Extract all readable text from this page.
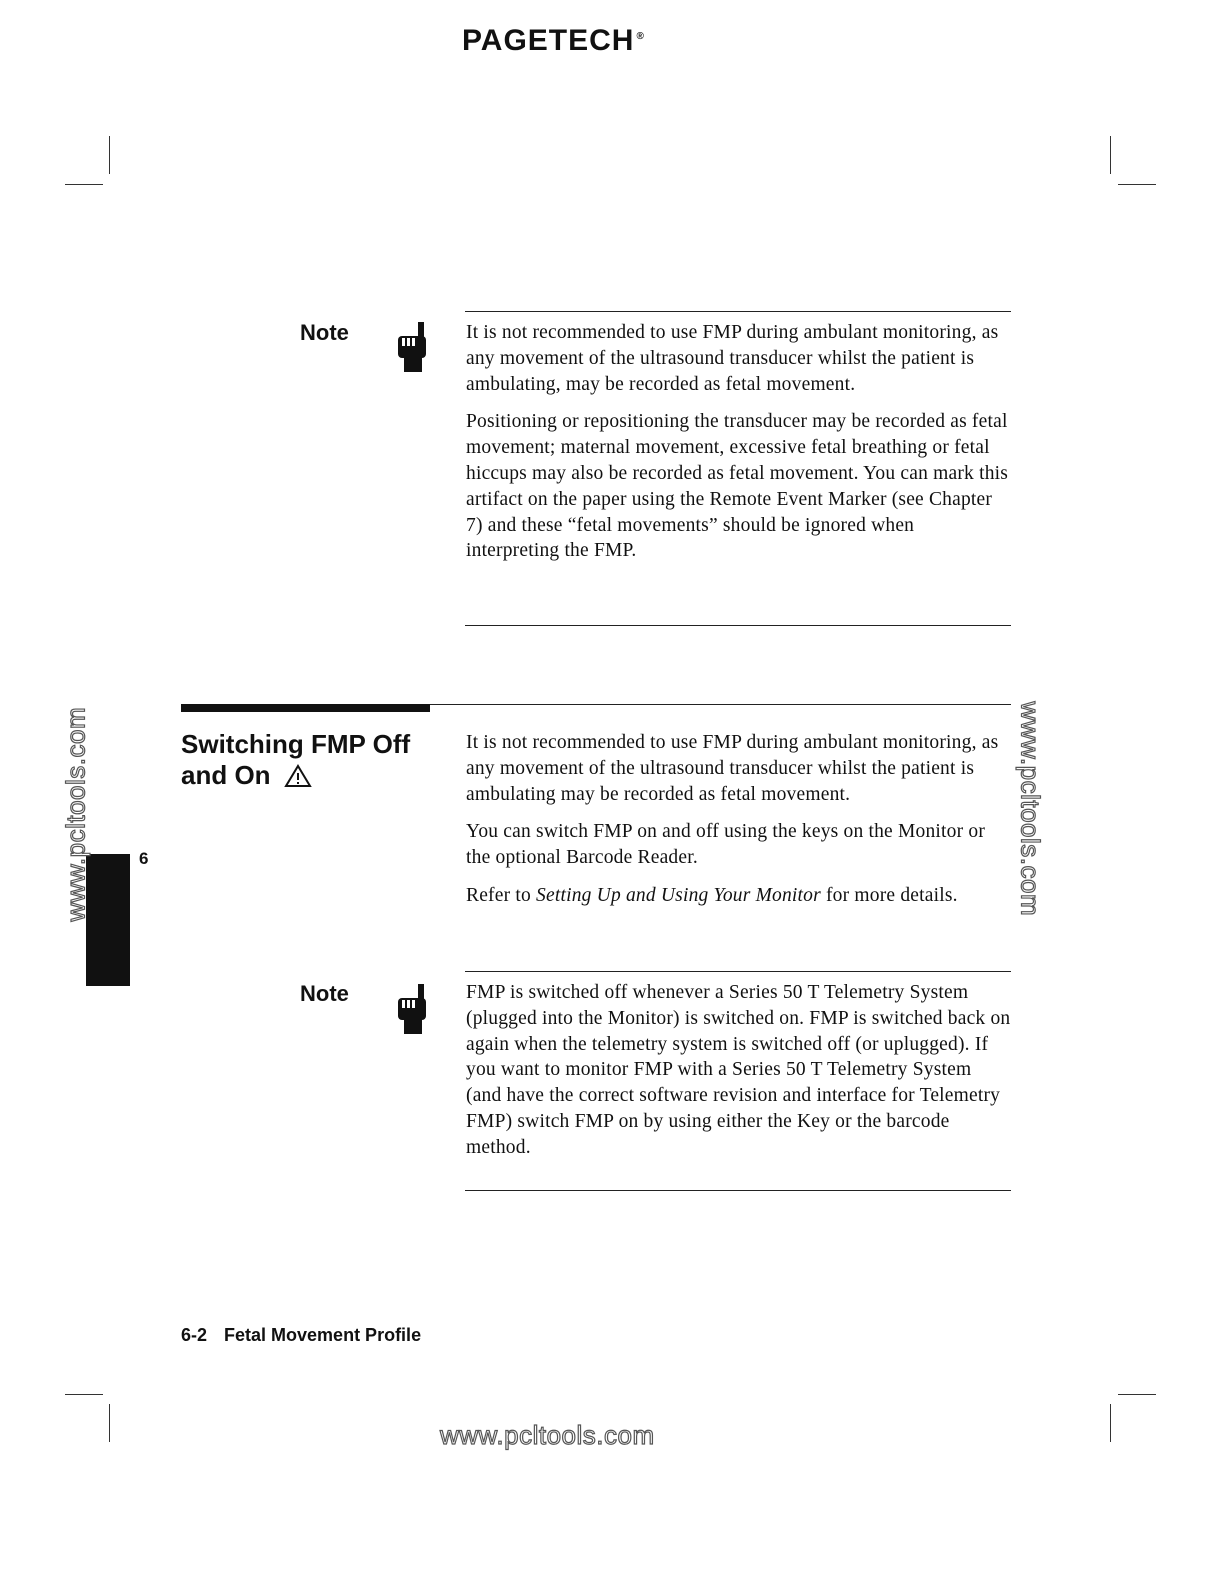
PAGETECH ®
Note	It is not recommended to use FMP during ambulant monitoring, as any movement of the ultrasound transducer whilst the patient is ambulating, may be recorded as fetal movement.

Positioning or repositioning the transducer may be recorded as fetal movement; maternal movement, excessive fetal breathing or fetal hiccups may also be recorded as fetal movement. You can mark this artifact on the paper using the Remote Event Marker (see Chapter 7) and these “fetal movements” should be ignored when interpreting the FMP.

Switching FMP Off
and On

It is not recommended to use FMP during ambulant monitoring, as any movement of the ultrasound transducer whilst the patient is ambulating may be recorded as fetal movement.

You can switch FMP on and off using the keys on the Monitor or the optional Barcode Reader.

Refer to Setting Up and Using Your Monitor for more details.

Note	FMP is switched off whenever a Series 50 T Telemetry System (plugged into the Monitor) is switched on. FMP is switched back on again when the telemetry system is switched off (or uplugged). If you want to monitor FMP with a Series 50 T Telemetry System (and have the correct software revision and interface for Telemetry FMP) switch FMP on by using either the Key or the barcode method.

6
www.pcltools.com	www.pcltools.com
www.pcltools.com
6-2 Fetal Movement Profile
